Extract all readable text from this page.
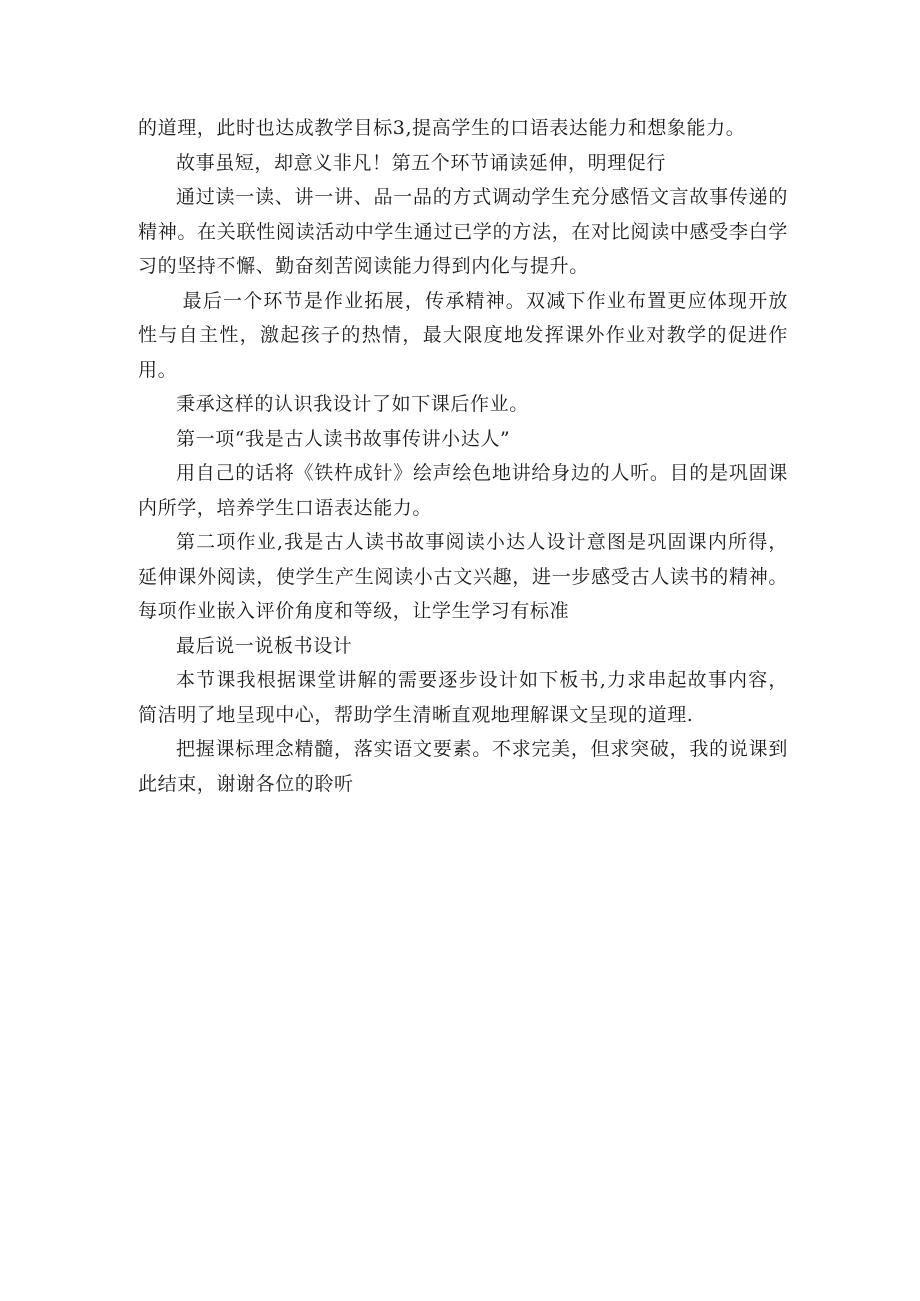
的道理，此时也达成教学目标3,提高学生的口语表达能力和想象能力。

故事虽短，却意义非凡！第五个环节诵读延伸，明理促行

通过读一读、讲一讲、品一品的方式调动学生充分感悟文言故事传递的精神。在关联性阅读活动中学生通过已学的方法，在对比阅读中感受李白学习的坚持不懈、勤奋刻苦阅读能力得到内化与提升。

最后一个环节是作业拓展，传承精神。双减下作业布置更应体现开放性与自主性，激起孩子的热情，最大限度地发挥课外作业对教学的促进作用。

秉承这样的认识我设计了如下课后作业。

第一项“我是古人读书故事传讲小达人”

用自己的话将《铁杵成针》绘声绘色地讲给身边的人听。目的是巩固课内所学，培养学生口语表达能力。

第二项作业,我是古人读书故事阅读小达人设计意图是巩固课内所得，延伸课外阅读，使学生产生阅读小古文兴趣，进一步感受古人读书的精神。每项作业嵌入评价角度和等级，让学生学习有标准

最后说一说板书设计

本节课我根据课堂讲解的需要逐步设计如下板书,力求串起故事内容，简洁明了地呈现中心，帮助学生清晰直观地理解课文呈现的道理.

把握课标理念精髓，落实语文要素。不求完美，但求突破，我的说课到此结束，谢谢各位的聆听
